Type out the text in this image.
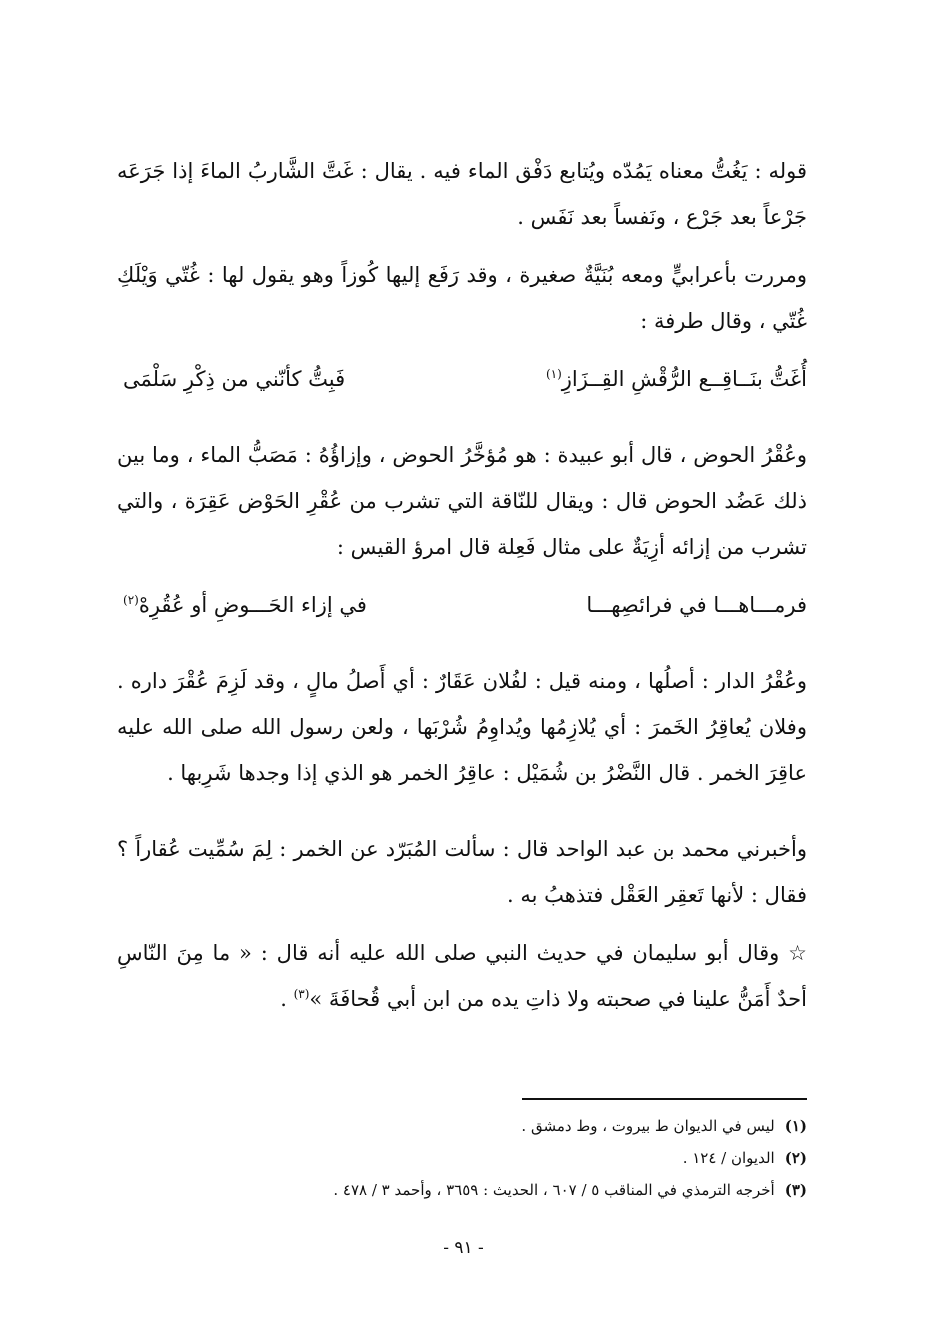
قوله : يَغُتُّ معناه يَمُدّه ويُتابع دَفْق الماء فيه . يقال : غَتَّ الشَّاربُ الماءَ إذا جَرَعَه جَرْعاً بعد جَرْع ، ونَفساً بعد نَفَس .

ومررت بأعرابيٍّ ومعه بُنَيَّةٌ صغيرة ، وقد رَفَع إليها كُوزاً وهو يقول لها : غُتّي وَيْلَكِ غُتّي ، وقال طرفة :

أُغَتُّ بنَــاقِــع الرُّقْشِ القِــزَازِ$^{(١)}$
فَبِتُّ كأنّني من ذِكْرِ سَلْمَى

وعُقْرُ الحوض ، قال أبو عبيدة : هو مُؤخَّرُ الحوض ، وإزاؤُهُ : مَصَبُّ الماء ، وما بين ذلك عَضُد الحوض قال : ويقال للنّاقة التي تشرب من عُقْرِ الحَوْض عَقِرَة ، والتي تشرب من إزائه أزِيَةٌ على مثال فَعِلة قال امرؤ القيس :

فرمـــاهـــا في فرائصِهـــا
في إزاء الحَـــوضِ أو عُقُرِهْ$^{(٢)}$

وعُقْرُ الدار : أصلُها ، ومنه قيل : لفُلان عَقَارٌ : أي أَصلُ مالٍ ، وقد لَزِمَ عُقْرَ داره . وفلان يُعاقِرُ الخَمرَ : أي يُلازِمُها ويُداوِمُ شُرْبَها ، ولعن رسول الله صلى الله عليه عاقِرَ الخمر . قال النَّضْرُ بن شُمَيْل : عاقِرُ الخمر هو الذي إذا وجدها شَرِبها .

وأخبرني محمد بن عبد الواحد قال : سألت المُبَرّد عن الخمر : لِمَ سُمِّيت عُقاراً ؟ فقال : لأنها تَعقِر العَقْل فتذهبُ به .

☆ وقال أبو سليمان في حديث النبي صلى الله عليه أنه قال : « ما مِنَ النّاسِ أحدٌ أَمَنُّ علينا في صحبته ولا ذاتِ يده من ابن أبي قُحافَةَ »$^{(٣)}$ .

(١)ليس في الديوان ط بيروت ، وط دمشق .
(٢)الديوان / ١٢٤ .
(٣)أخرجه الترمذي في المناقب ٥ / ٦٠٧ ، الحديث : ٣٦٥٩ ، وأحمد ٣ / ٤٧٨ .
- ٩١ -
